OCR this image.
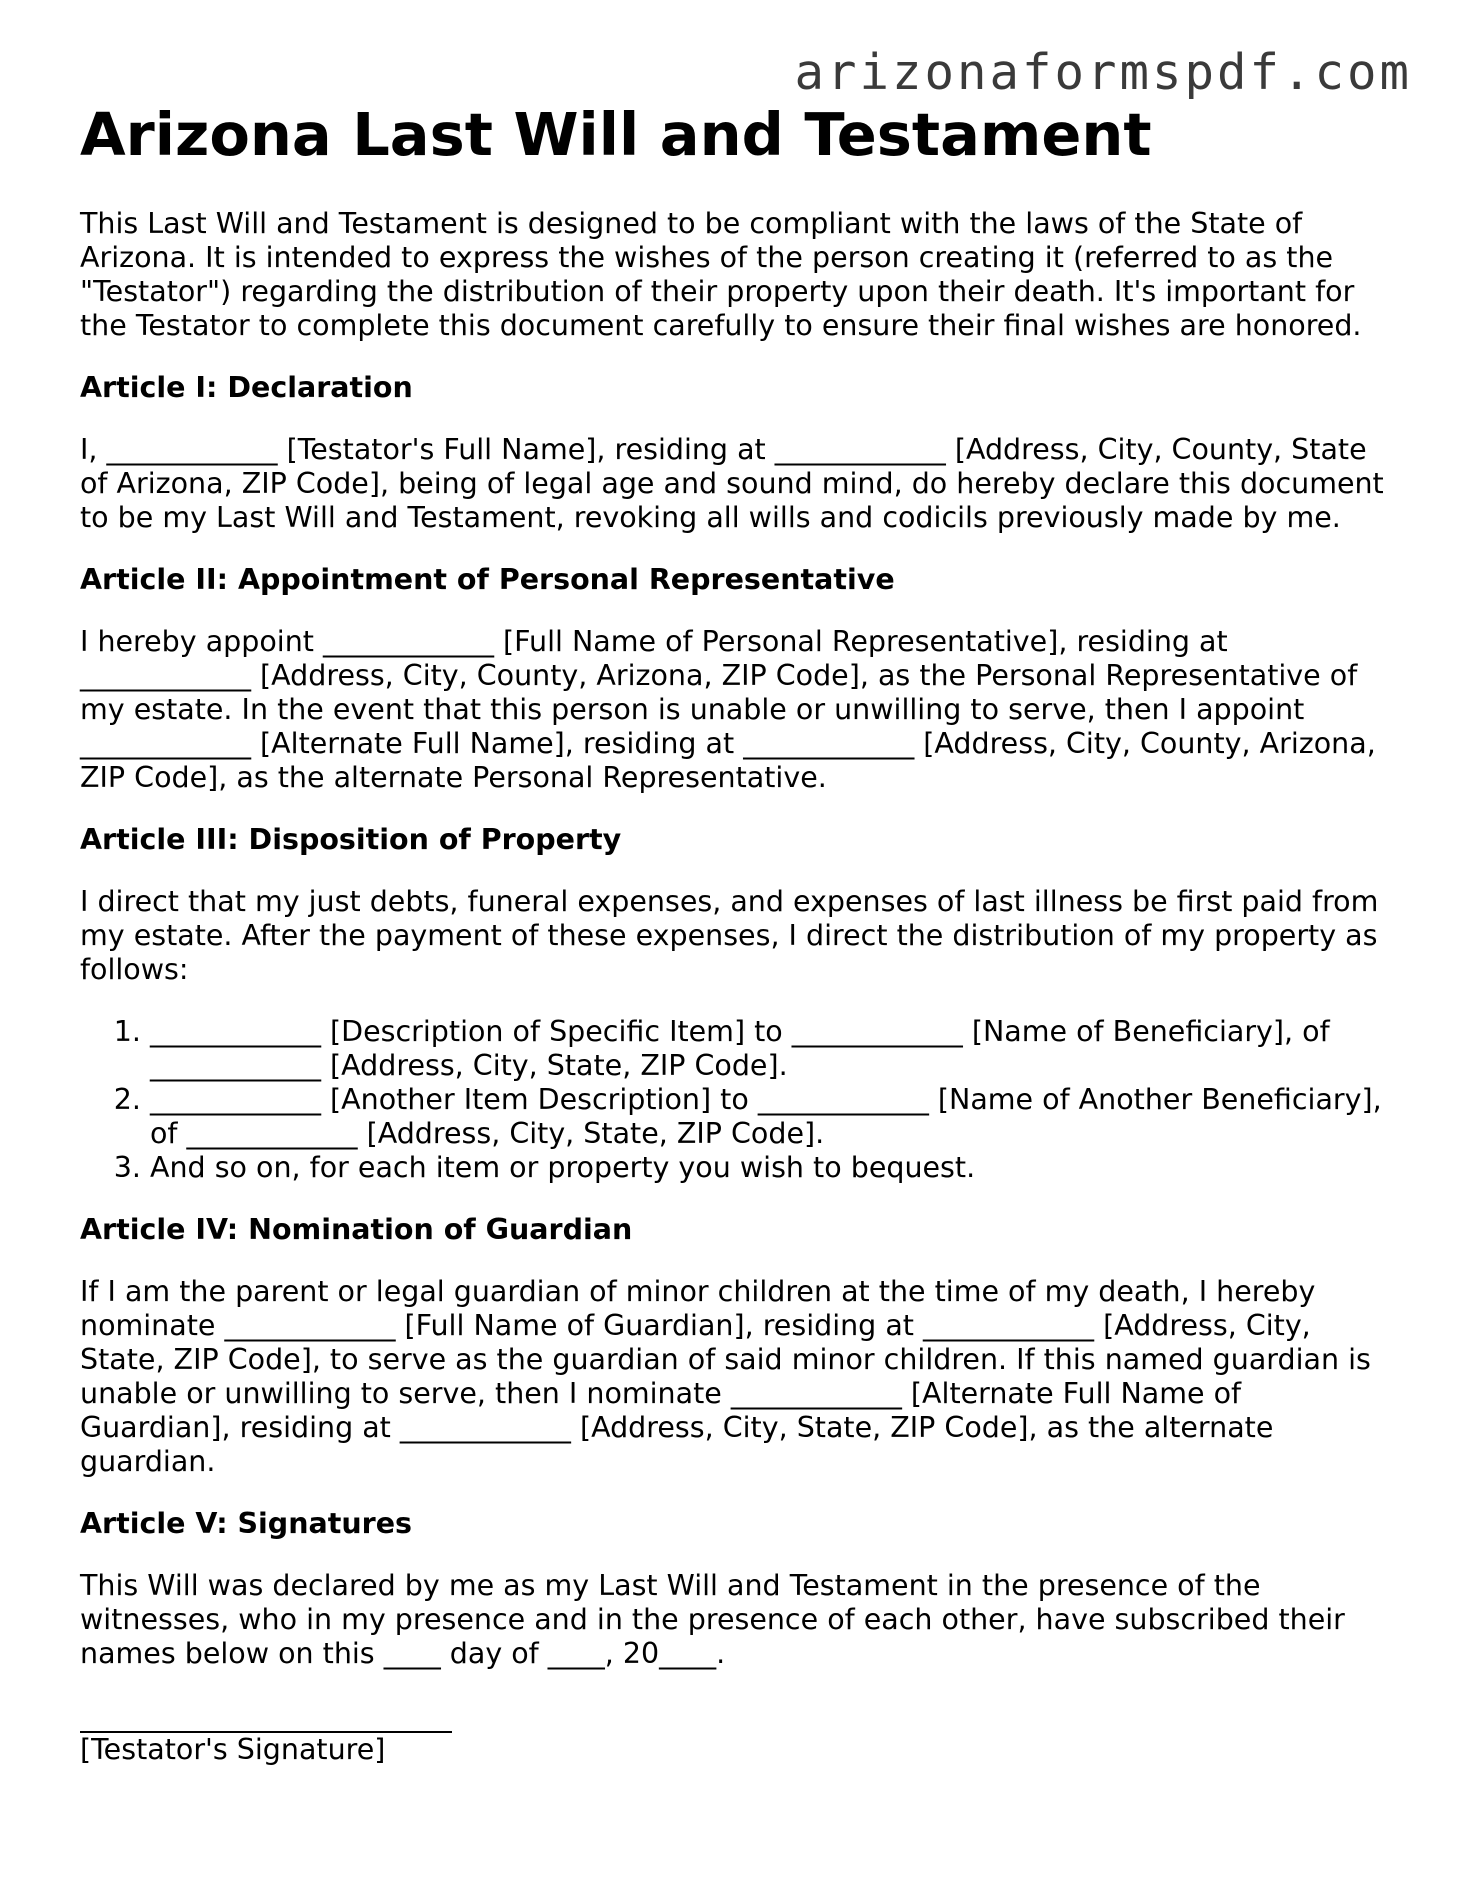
arizonaformspdf.com
Arizona Last Will and Testament

This Last Will and Testament is designed to be compliant with the laws of the State of Arizona. It is intended to express the wishes of the person creating it (referred to as the "Testator") regarding the distribution of their property upon their death. It's important for the Testator to complete this document carefully to ensure their final wishes are honored.

Article I: Declaration

I, ____________ [Testator's Full Name], residing at ____________ [Address, City, County, State of Arizona, ZIP Code], being of legal age and sound mind, do hereby declare this document to be my Last Will and Testament, revoking all wills and codicils previously made by me.

Article II: Appointment of Personal Representative

I hereby appoint ____________ [Full Name of Personal Representative], residing at ____________ [Address, City, County, Arizona, ZIP Code], as the Personal Representative of my estate. In the event that this person is unable or unwilling to serve, then I appoint ____________ [Alternate Full Name], residing at ____________ [Address, City, County, Arizona, ZIP Code], as the alternate Personal Representative.

Article III: Disposition of Property

I direct that my just debts, funeral expenses, and expenses of last illness be first paid from my estate. After the payment of these expenses, I direct the distribution of my property as follows:

1. ____________ [Description of Specific Item] to ____________ [Name of Beneficiary], of ____________ [Address, City, State, ZIP Code].
2. ____________ [Another Item Description] to ____________ [Name of Another Beneficiary], of ____________ [Address, City, State, ZIP Code].
3. And so on, for each item or property you wish to bequest.
Article IV: Nomination of Guardian

If I am the parent or legal guardian of minor children at the time of my death, I hereby nominate ____________ [Full Name of Guardian], residing at ____________ [Address, City, State, ZIP Code], to serve as the guardian of said minor children. If this named guardian is unable or unwilling to serve, then I nominate ____________ [Alternate Full Name of Guardian], residing at ____________ [Address, City, State, ZIP Code], as the alternate guardian.

Article V: Signatures

This Will was declared by me as my Last Will and Testament in the presence of the witnesses, who in my presence and in the presence of each other, have subscribed their names below on this ____ day of ____, 20____.

[Testator's Signature]
